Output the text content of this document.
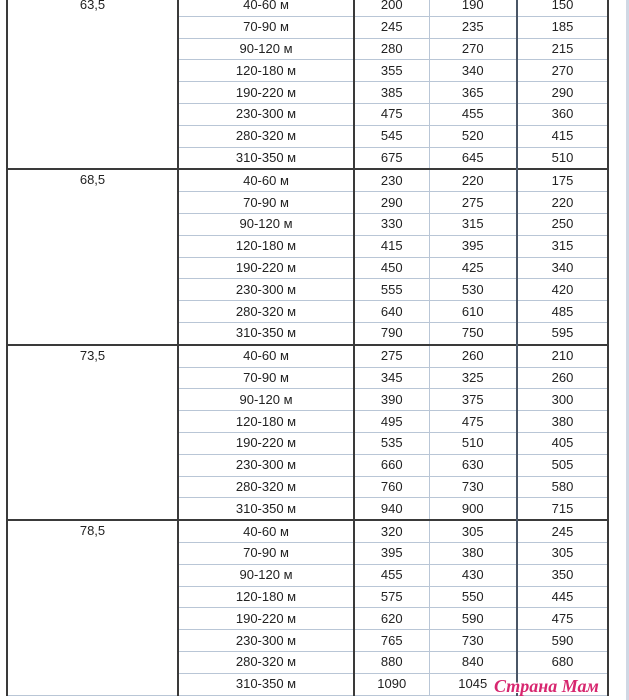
63,5	40-60 м	200	190	150
	70-90 м	245	235	185
	90-120 м	280	270	215
	120-180 м	355	340	270
	190-220 м	385	365	290
	230-300 м	475	455	360
	280-320 м	545	520	415
	310-350 м	675	645	510
68,5	40-60 м	230	220	175
	70-90 м	290	275	220
	90-120 м	330	315	250
	120-180 м	415	395	315
	190-220 м	450	425	340
	230-300 м	555	530	420
	280-320 м	640	610	485
	310-350 м	790	750	595
73,5	40-60 м	275	260	210
	70-90 м	345	325	260
	90-120 м	390	375	300
	120-180 м	495	475	380
	190-220 м	535	510	405
	230-300 м	660	630	505
	280-320 м	760	730	580
	310-350 м	940	900	715
78,5	40-60 м	320	305	245
	70-90 м	395	380	305
	90-120 м	455	430	350
	120-180 м	575	550	445
	190-220 м	620	590	475
	230-300 м	765	730	590
	280-320 м	880	840	680
	310-350 м	1090	1045	Страна Мам
